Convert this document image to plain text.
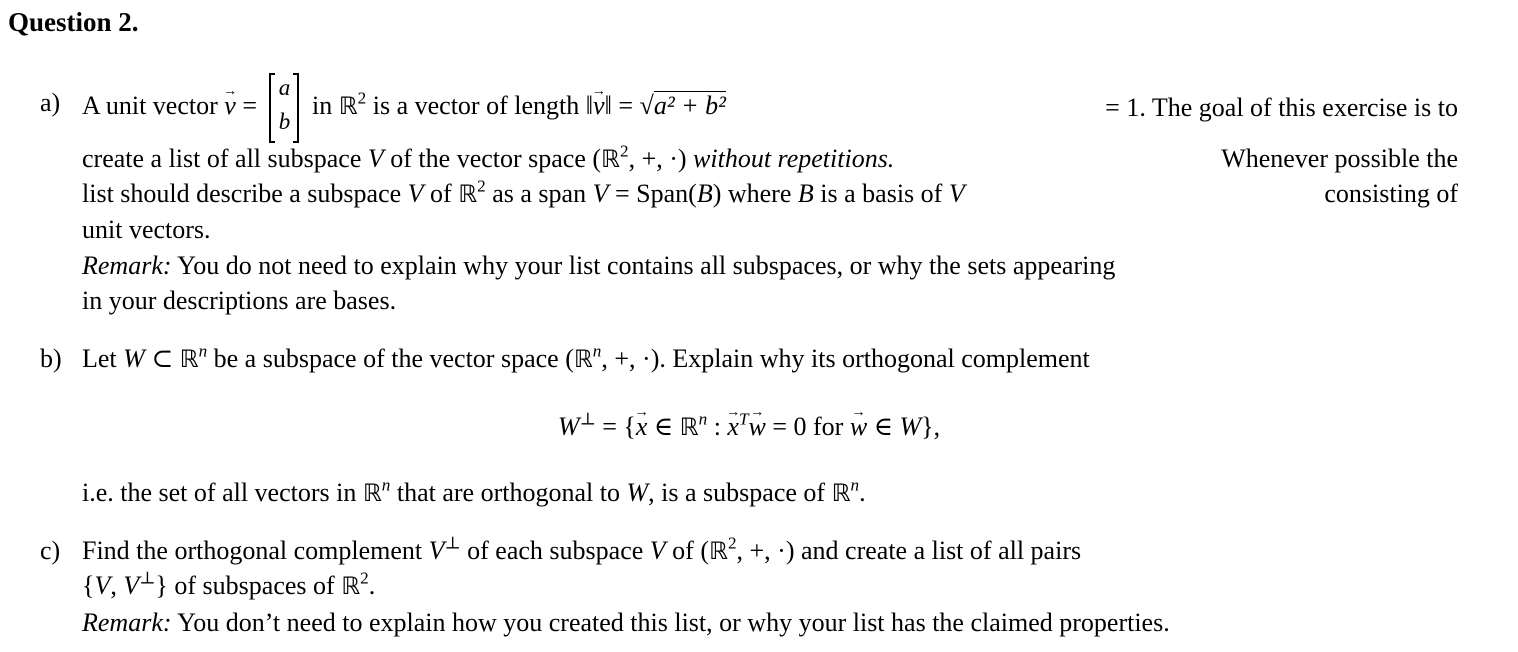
Question 2.
a) A unit vector v → =
a
b
in ℝ$^2$ is a vector of length ‖v →‖ = √a² + b²	= 1. The goal of this exercise is to
create a list of all subspace V of the vector space (ℝ$^2$, +, ·) without repetitions.	Whenever possible the
list should describe a subspace V of ℝ$^2$ as a span V = Span(B) where B is a basis of V	consisting of
unit vectors.
Remark: You do not need to explain why your list contains all subspaces, or why the sets appearing
in your descriptions are bases.
b) Let W ⊂ ℝ$^n$ be a subspace of the vector space (ℝ$^n$, +, ·). Explain why its orthogonal complement
W⊥ = {x → ∈ ℝ$^n$ : x →$^T$w → = 0 for w → ∈ W},
i.e. the set of all vectors in ℝ$^n$ that are orthogonal to W, is a subspace of ℝ$^n$.
c) Find the orthogonal complement V⊥ of each subspace V of (ℝ$^2$, +, ·) and create a list of all pairs
{V, V⊥} of subspaces of ℝ$^2$.
Remark: You don’t need to explain how you created this list, or why your list has the claimed properties.
